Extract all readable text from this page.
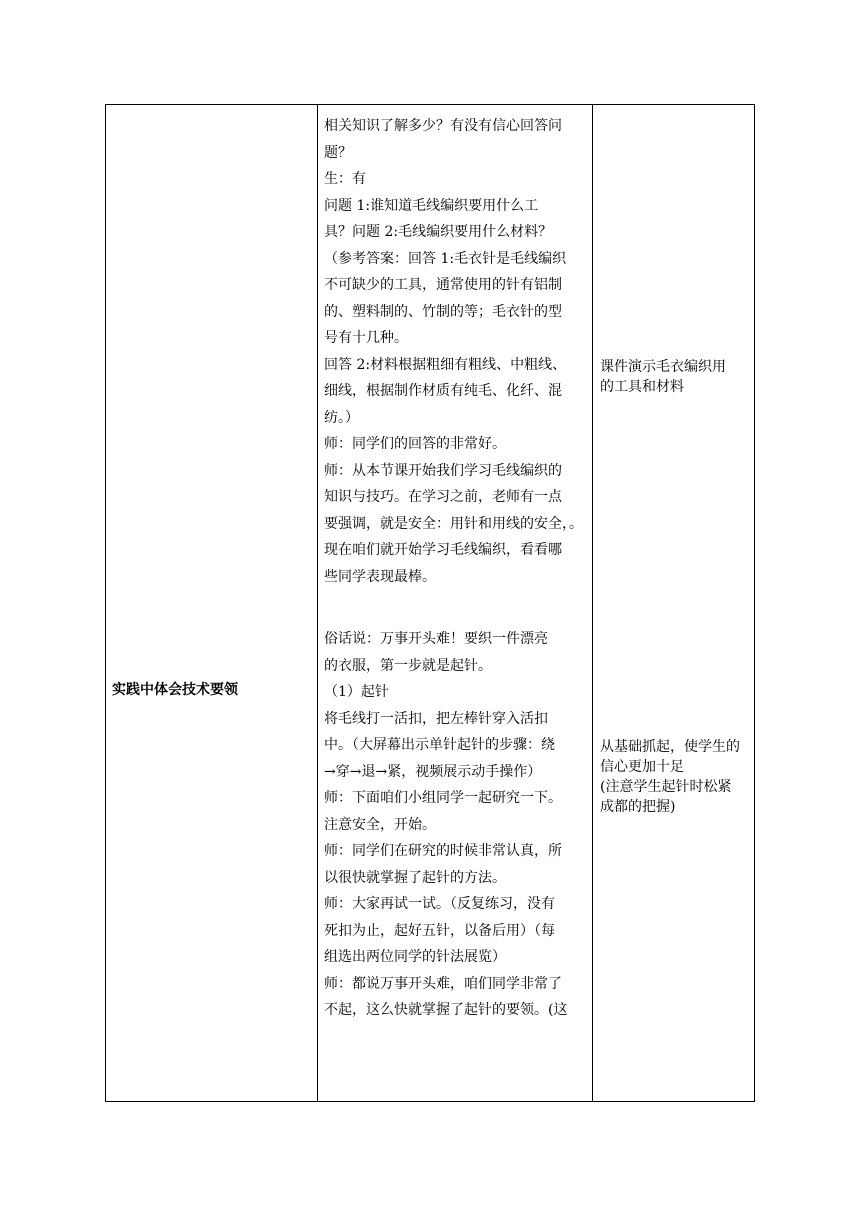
实践中体会技术要领
相关知识了解多少？有没有信心回答问
题？
生：有
问题 1:谁知道毛线编织要用什么工
具？问题 2:毛线编织要用什么材料？
（参考答案：回答 1:毛衣针是毛线编织
不可缺少的工具，通常使用的针有铝制
的、塑料制的、竹制的等；毛衣针的型
号有十几种。
回答 2:材料根据粗细有粗线、中粗线、
细线，根据制作材质有纯毛、化纤、混
纺。）
师：同学们的回答的非常好。
师：从本节课开始我们学习毛线编织的
知识与技巧。在学习之前，老师有一点
要强调，就是安全：用针和用线的安全，。
现在咱们就开始学习毛线编织，看看哪
些同学表现最棒。
俗话说：万事开头难！要织一件漂亮
的衣服，第一步就是起针。
（1）起针
将毛线打一活扣，把左棒针穿入活扣
中。（大屏幕出示单针起针的步骤：绕
→穿→退→紧，视频展示动手操作）
师：下面咱们小组同学一起研究一下。
注意安全，开始。
师：同学们在研究的时候非常认真，所
以很快就掌握了起针的方法。
师：大家再试一试。（反复练习，没有
死扣为止，起好五针，以备后用）（每
组选出两位同学的针法展览）
师：都说万事开头难，咱们同学非常了
不起，这么快就掌握了起针的要领。(这
课件演示毛衣编织用
的工具和材料
从基础抓起，使学生的
信心更加十足
(注意学生起针时松紧
成都的把握)
